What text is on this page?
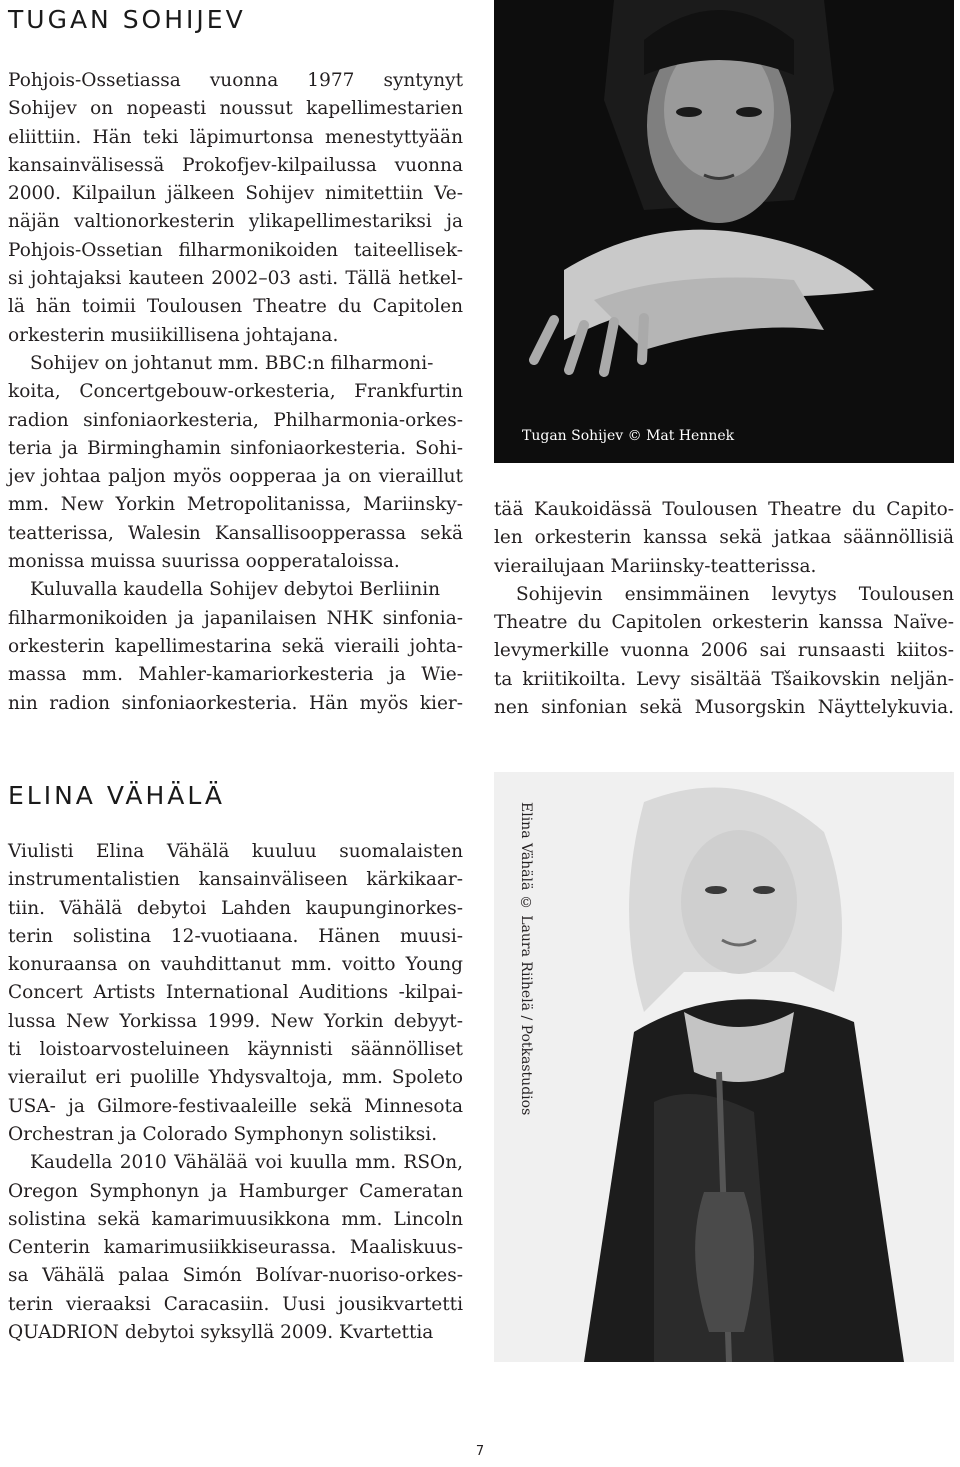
TUGAN SOHIJEV

Pohjois-Ossetiassa vuonna 1977 syntynyt

Sohijev on nopeasti noussut kapellimestarien

eliittiin. Hän teki läpimurtonsa menestyttyään

kansainvälisessä Prokofjev-kilpailussa vuonna

2000. Kilpailun jälkeen Sohijev nimitettiin Ve-

näjän valtionorkesterin ylikapellimestariksi ja

Pohjois-Ossetian filharmonikoiden taiteellisek-

si johtajaksi kauteen 2002–03 asti. Tällä hetkel-

lä hän toimii Toulousen Theatre du Capitolen

orkesterin musiikillisena johtajana.

Sohijev on johtanut mm. BBC:n filharmoni-

koita, Concertgebouw-orkesteria, Frankfurtin

radion sinfoniaorkesteria, Philharmonia-orkes-

teria ja Birminghamin sinfoniaorkesteria. Sohi-

jev johtaa paljon myös oopperaa ja on vieraillut

mm. New Yorkin Metropolitanissa, Mariinsky-

teatterissa, Walesin Kansallisoopperassa sekä

monissa muissa suurissa oopperataloissa.

Kuluvalla kaudella Sohijev debytoi Berliinin

filharmonikoiden ja japanilaisen NHK sinfonia-

orkesterin kapellimestarina sekä vieraili johta-

massa mm. Mahler-kamariorkesteria ja Wie-

nin radion sinfoniaorkesteria. Hän myös kier-

Tugan Sohijev © Mat Hennek

tää Kaukoidässä Toulousen Theatre du Capito-

len orkesterin kanssa sekä jatkaa säännöllisiä

vierailujaan Mariinsky-teatterissa.

Sohijevin ensimmäinen levytys Toulousen

Theatre du Capitolen orkesterin kanssa Naïve-

levymerkille vuonna 2006 sai runsaasti kiitos-

ta kriitikoilta. Levy sisältää Tšaikovskin neljän-

nen sinfonian sekä Musorgskin Näyttelykuvia.

ELINA VÄHÄLÄ

Viulisti Elina Vähälä kuuluu suomalaisten

instrumentalistien kansainväliseen kärkikaar-

tiin. Vähälä debytoi Lahden kaupunginorkes-

terin solistina 12-vuotiaana. Hänen muusi-

konuraansa on vauhdittanut mm. voitto Young

Concert Artists International Auditions -kilpai-

lussa New Yorkissa 1999. New Yorkin debyyt-

ti loistoarvosteluineen käynnisti säännölliset

vierailut eri puolille Yhdysvaltoja, mm. Spoleto

USA- ja Gilmore-festivaaleille sekä Minnesota

Orchestran ja Colorado Symphonyn solistiksi.

Kaudella 2010 Vähälää voi kuulla mm. RSOn,

Oregon Symphonyn ja Hamburger Cameratan

solistina sekä kamarimuusikkona mm. Lincoln

Centerin kamarimusiikkiseurassa. Maaliskuus-

sa Vähälä palaa Simón Bolívar-nuoriso-orkes-

terin vieraaksi Caracasiin. Uusi jousikvartetti

QUADRION debytoi syksyllä 2009. Kvartettia

Elina Vähälä © Laura Riihelä / Potkastudios
7
